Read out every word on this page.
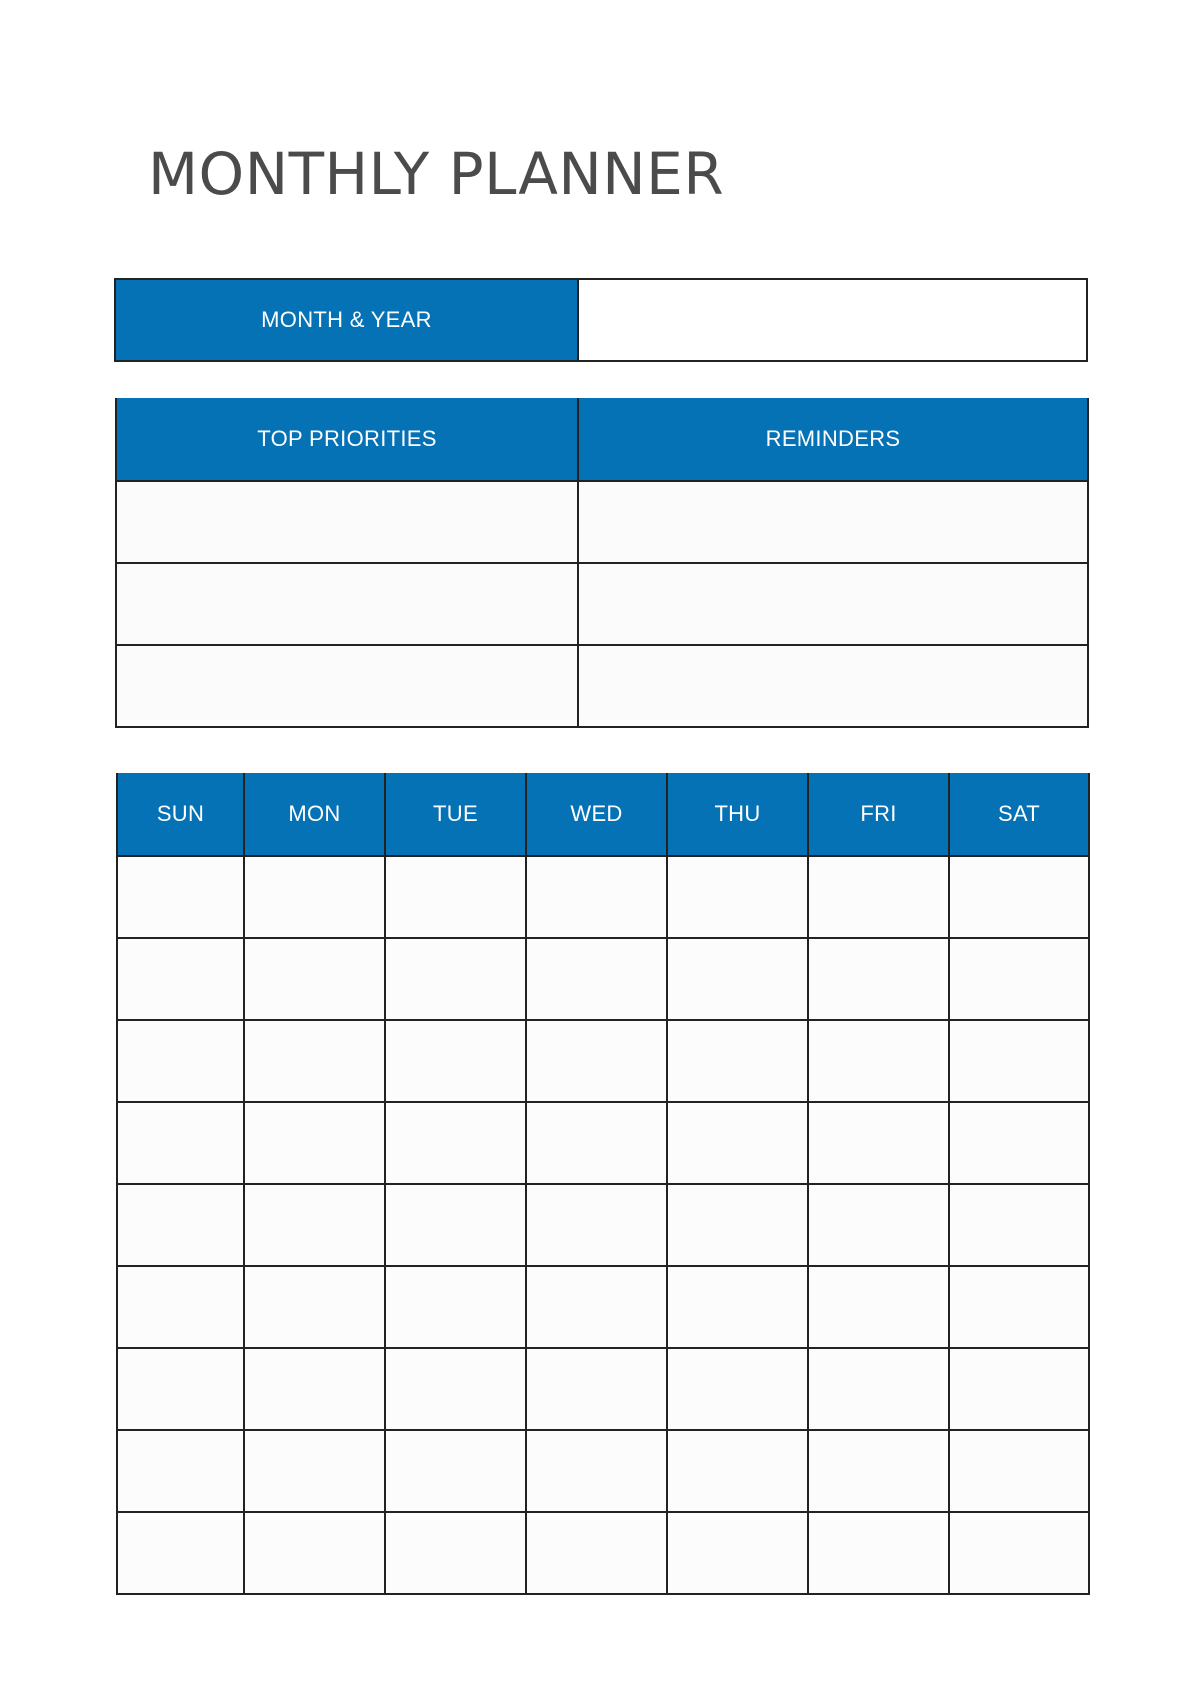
MONTHLY PLANNER
MONTH & YEAR
TOP PRIORITIES	REMINDERS

SUN	MON	TUE	WED	THU	FRI	SAT
